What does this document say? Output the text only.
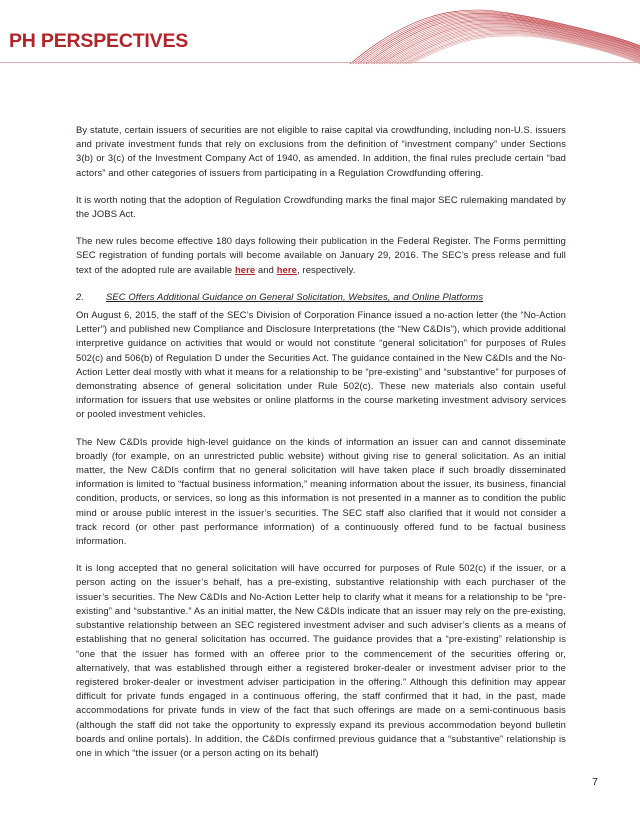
PH PERSPECTIVES

By statute, certain issuers of securities are not eligible to raise capital via crowdfunding, including non-U.S. issuers and private investment funds that rely on exclusions from the definition of “investment company” under Sections 3(b) or 3(c) of the Investment Company Act of 1940, as amended. In addition, the final rules preclude certain “bad actors” and other categories of issuers from participating in a Regulation Crowdfunding offering.

It is worth noting that the adoption of Regulation Crowdfunding marks the final major SEC rulemaking mandated by the JOBS Act.

The new rules become effective 180 days following their publication in the Federal Register. The Forms permitting SEC registration of funding portals will become available on January 29, 2016. The SEC’s press release and full text of the adopted rule are available here and here, respectively.

2. SEC Offers Additional Guidance on General Solicitation, Websites, and Online Platforms

On August 6, 2015, the staff of the SEC’s Division of Corporation Finance issued a no-action letter (the “No-Action Letter”) and published new Compliance and Disclosure Interpretations (the “New C&DIs”), which provide additional interpretive guidance on activities that would or would not constitute “general solicitation” for purposes of Rules 502(c) and 506(b) of Regulation D under the Securities Act. The guidance contained in the New C&DIs and the No-Action Letter deal mostly with what it means for a relationship to be “pre-existing” and “substantive” for purposes of demonstrating absence of general solicitation under Rule 502(c). These new materials also contain useful information for issuers that use websites or online platforms in the course marketing investment advisory services or pooled investment vehicles.

The New C&DIs provide high-level guidance on the kinds of information an issuer can and cannot disseminate broadly (for example, on an unrestricted public website) without giving rise to general solicitation. As an initial matter, the New C&DIs confirm that no general solicitation will have taken place if such broadly disseminated information is limited to “factual business information,” meaning information about the issuer, its business, financial condition, products, or services, so long as this information is not presented in a manner as to condition the public mind or arouse public interest in the issuer’s securities. The SEC staff also clarified that it would not consider a track record (or other past performance information) of a continuously offered fund to be factual business information.

It is long accepted that no general solicitation will have occurred for purposes of Rule 502(c) if the issuer, or a person acting on the issuer’s behalf, has a pre-existing, substantive relationship with each purchaser of the issuer’s securities. The New C&DIs and No-Action Letter help to clarify what it means for a relationship to be “pre-existing” and “substantive.” As an initial matter, the New C&DIs indicate that an issuer may rely on the pre-existing, substantive relationship between an SEC registered investment adviser and such adviser’s clients as a means of establishing that no general solicitation has occurred. The guidance provides that a “pre-existing” relationship is “one that the issuer has formed with an offeree prior to the commencement of the securities offering or, alternatively, that was established through either a registered broker-dealer or investment adviser prior to the registered broker-dealer or investment adviser participation in the offering.” Although this definition may appear difficult for private funds engaged in a continuous offering, the staff confirmed that it had, in the past, made accommodations for private funds in view of the fact that such offerings are made on a semi-continuous basis (although the staff did not take the opportunity to expressly expand its previous accommodation beyond bulletin boards and online portals). In addition, the C&DIs confirmed previous guidance that a “substantive” relationship is one in which “the issuer (or a person acting on its behalf)

7
